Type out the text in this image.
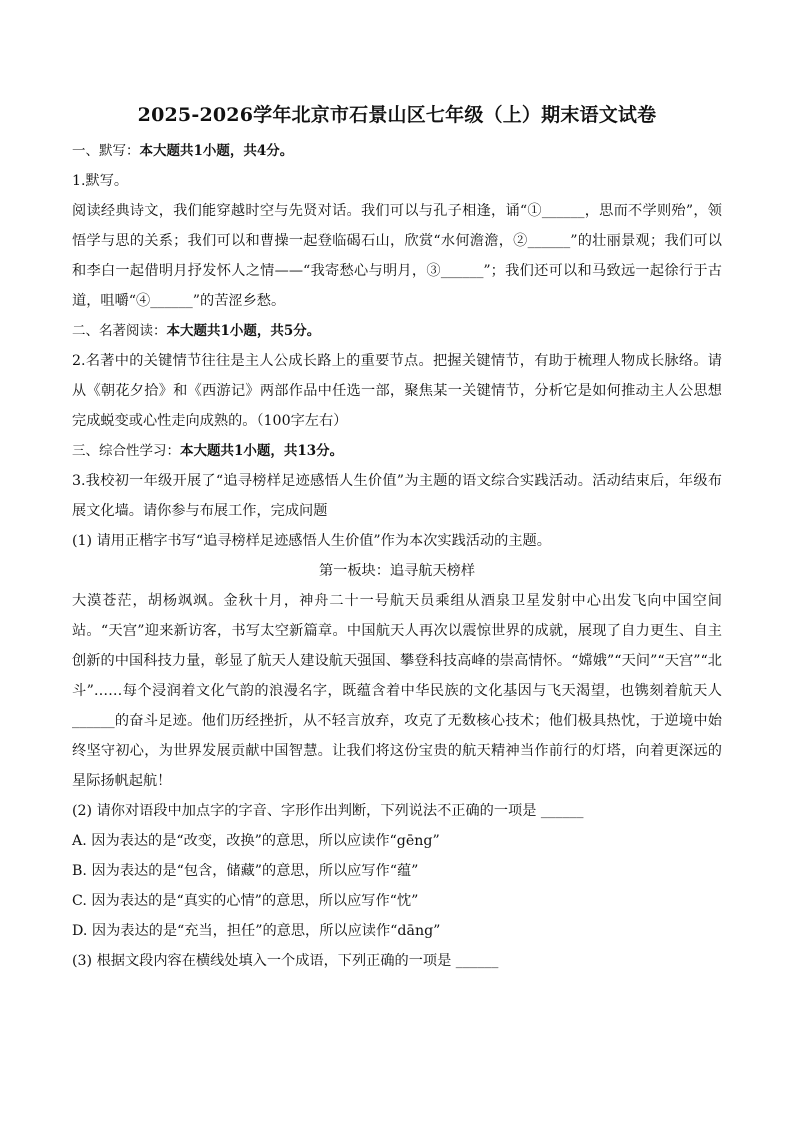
2025-2026学年北京市石景山区七年级（上）期末语文试卷
一、默写：本大题共1小题，共4分。
1.默写。
阅读经典诗文，我们能穿越时空与先贤对话。我们可以与孔子相逢，诵“①______，思而不学则殆”，领悟学与思的关系；我们可以和曹操一起登临碣石山，欣赏“水何澹澹，②______”的壮丽景观；我们可以和李白一起借明月抒发怀人之情——“我寄愁心与明月，③______”；我们还可以和马致远一起徐行于古道，咀嚼“④______”的苦涩乡愁。
二、名著阅读：本大题共1小题，共5分。
2.名著中的关键情节往往是主人公成长路上的重要节点。把握关键情节，有助于梳理人物成长脉络。请从《朝花夕拾》和《西游记》两部作品中任选一部，聚焦某一关键情节，分析它是如何推动主人公思想完成蜕变或心性走向成熟的。（100字左右）
三、综合性学习：本大题共1小题，共13分。
3.我校初一年级开展了“追寻榜样足迹感悟人生价值”为主题的语文综合实践活动。活动结束后，年级布展文化墙。请你参与布展工作，完成问题
(1) 请用正楷字书写“追寻榜样足迹感悟人生价值”作为本次实践活动的主题。
第一板块：追寻航天榜样
大漠苍茫，胡杨飒飒。金秋十月，神舟二十一号航天员乘组从酒泉卫星发射中心出发飞向中国空间站。“天宫”迎来新访客，书写太空新篇章。中国航天人再次以震惊世界的成就，展现了自力更生、自主创新的中国科技力量，彰显了航天人建设航天强国、攀登科技高峰的崇高情怀。“嫦娥”“天问”“天宫”“北斗”……每个浸润着文化气韵的浪漫名字，既蕴含着中华民族的文化基因与飞天渴望，也镌刻着航天人______的奋斗足迹。他们历经挫折，从不轻言放弃，攻克了无数核心技术；他们极具热忱，于逆境中始终坚守初心，为世界发展贡献中国智慧。让我们将这份宝贵的航天精神当作前行的灯塔，向着更深远的星际扬帆起航！
(2) 请你对语段中加点字的字音、字形作出判断，下列说法不正确的一项是 ______
A. 因为表达的是“改变，改换”的意思，所以应读作“gēng”
B. 因为表达的是“包含，储藏”的意思，所以应写作“蕴”
C. 因为表达的是“真实的心情”的意思，所以应写作“忱”
D. 因为表达的是“充当，担任”的意思，所以应读作“dāng”
(3) 根据文段内容在横线处填入一个成语，下列正确的一项是 ______
